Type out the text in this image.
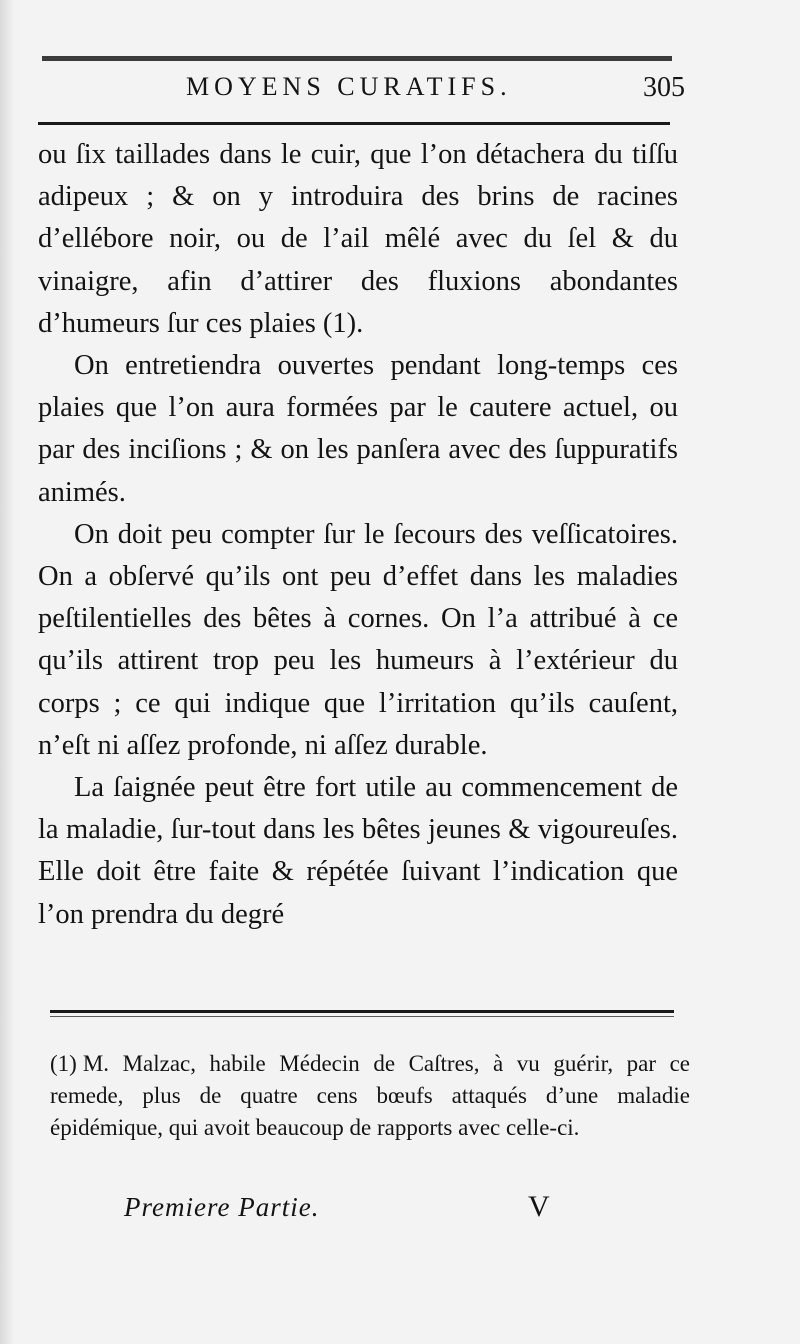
MOYENS CURATIFS.	305

ou ſix taillades dans le cuir, que l’on détachera du tiſſu adipeux ; & on y introduira des brins de racines d’ellébore noir, ou de l’ail mêlé avec du ſel & du vinaigre, afin d’attirer des fluxions abondantes d’humeurs ſur ces plaies (1).

On entretiendra ouvertes pendant long-temps ces plaies que l’on aura formées par le cautere actuel, ou par des inciſions ; & on les panſera avec des ſuppuratifs animés.

On doit peu compter ſur le ſecours des veſſicatoires. On a obſervé qu’ils ont peu d’effet dans les maladies peſtilentielles des bêtes à cornes. On l’a attribué à ce qu’ils attirent trop peu les humeurs à l’extérieur du corps ; ce qui indique que l’irritation qu’ils cauſent, n’eſt ni aſſez profonde, ni aſſez durable.

La ſaignée peut être fort utile au commencement de la maladie, ſur-tout dans les bêtes jeunes & vigoureuſes. Elle doit être faite & répétée ſuivant l’indication que l’on prendra du degré

(1) M. Malzac, habile Médecin de Caſtres, à vu guérir, par ce remede, plus de quatre cens bœufs attaqués d’une maladie épidémique, qui avoit beaucoup de rapports avec celle-ci.
Premiere Partie.	V
